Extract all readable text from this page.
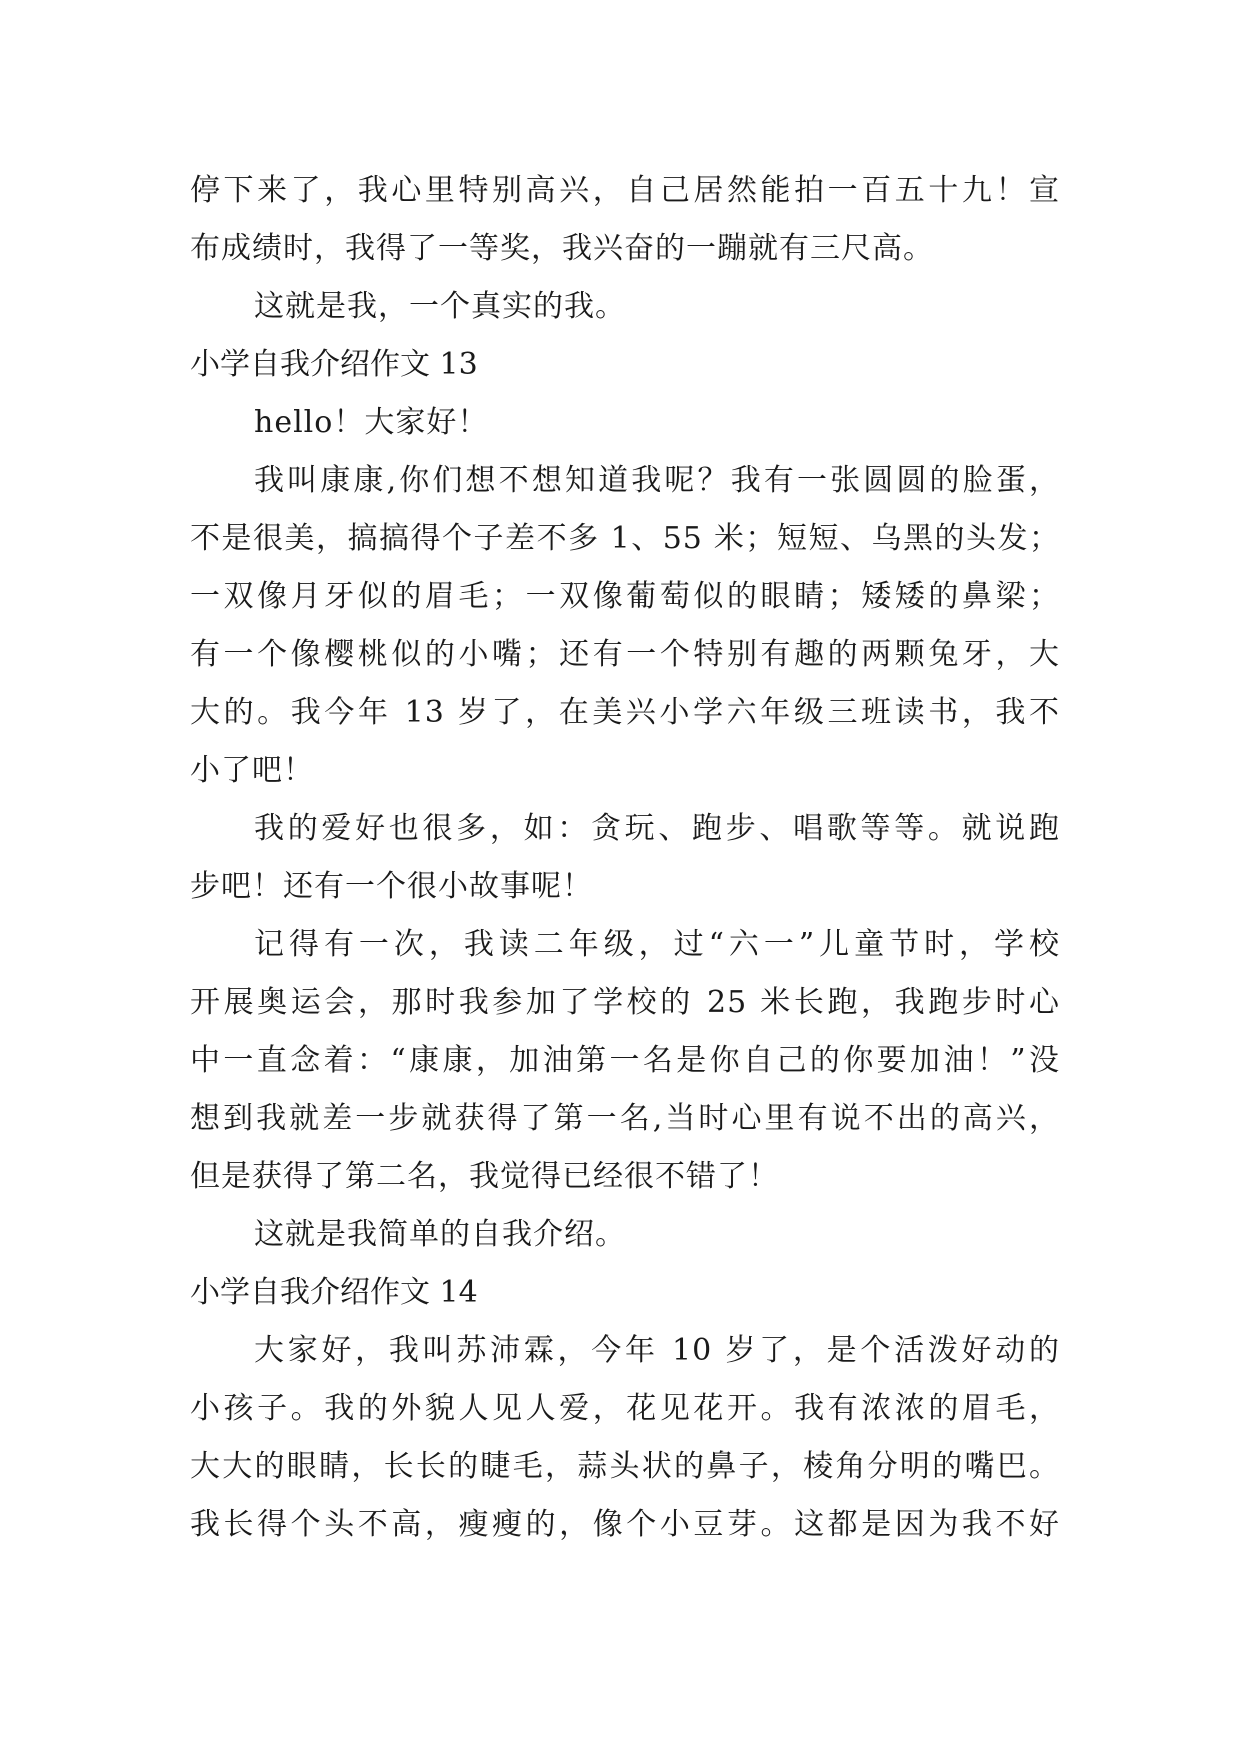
停下来了，我心里特别高兴，自己居然能拍一百五十九！宣
布成绩时，我得了一等奖，我兴奋的一蹦就有三尺高。
这就是我，一个真实的我。
小学自我介绍作文 13
hello！大家好！
我叫康康,你们想不想知道我呢？我有一张圆圆的脸蛋，
不是很美，搞搞得个子差不多 1、55 米；短短、乌黑的头发；
一双像月牙似的眉毛；一双像葡萄似的眼睛；矮矮的鼻梁；
有一个像樱桃似的小嘴；还有一个特别有趣的两颗兔牙，大
大的。我今年 13 岁了，在美兴小学六年级三班读书，我不
小了吧！
我的爱好也很多，如：贪玩、跑步、唱歌等等。就说跑
步吧！还有一个很小故事呢！
记得有一次，我读二年级，过“六一”儿童节时，学校
开展奥运会，那时我参加了学校的 25 米长跑，我跑步时心
中一直念着：“康康，加油第一名是你自己的你要加油！”没
想到我就差一步就获得了第一名,当时心里有说不出的高兴，
但是获得了第二名，我觉得已经很不错了！
这就是我简单的自我介绍。
小学自我介绍作文 14
大家好，我叫苏沛霖，今年 10 岁了，是个活泼好动的
小孩子。我的外貌人见人爱，花见花开。我有浓浓的眉毛，
大大的眼睛，长长的睫毛，蒜头状的鼻子，棱角分明的嘴巴。
我长得个头不高，瘦瘦的，像个小豆芽。这都是因为我不好
